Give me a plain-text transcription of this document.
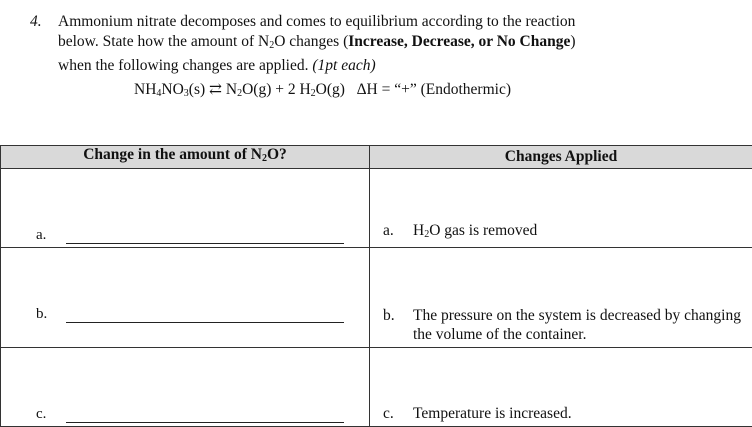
4. Ammonium nitrate decomposes and comes to equilibrium according to the reaction
below. State how the amount of $N_2O$ changes (Increase, Decrease, or No Change)
when the following changes are applied. (1pt each)
$NH_4NO_3(s)$ ⇄ $N_2O(g) + 2$ $H_2O(g) \Delta H$ = “+” (Endothermic)
Change in the amount of $N_2O$?	Changes Applied

a.	a. $H_2O$ gas is removed

b.	b. The pressure on the system is decreased by changing the volume of the container.

c.	c. Temperature is increased.
